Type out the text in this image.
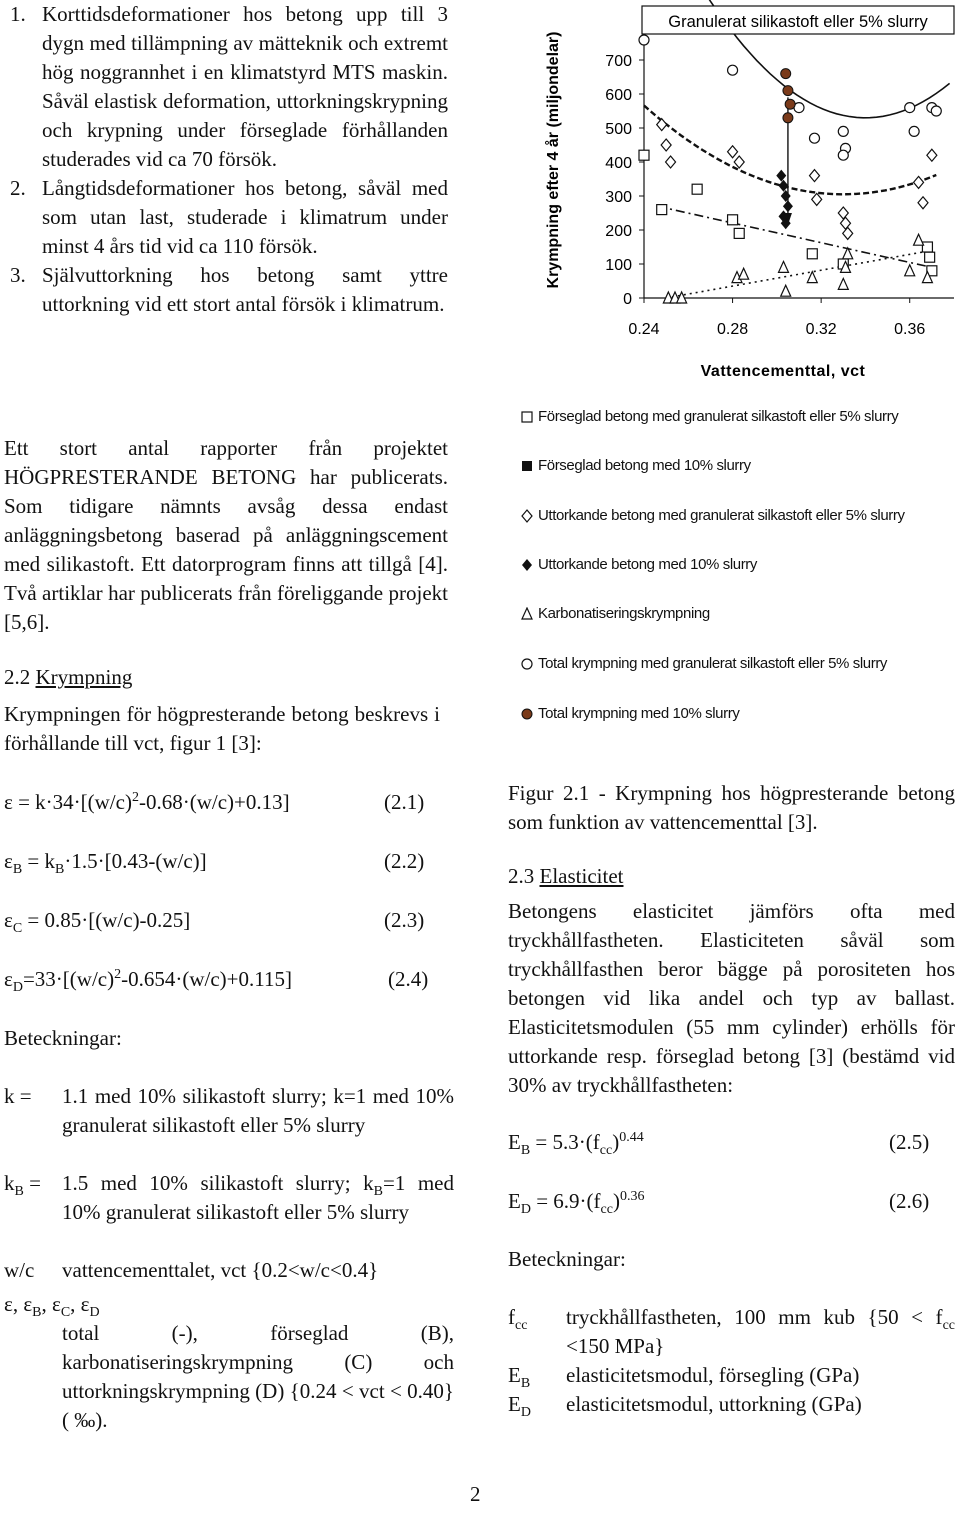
1. Korttidsdeformationer hos betong upp till 3 dygn med tillämpning av mätteknik och extremt hög noggrannhet i en klimatstyrd MTS maskin. Såväl elastisk deformation, uttorkningskrypning och krypning under förseglade förhållanden studerades vid ca 70 försök.
2. Långtidsdeformationer hos betong, såväl med som utan last, studerade i klimatrum under minst 4 års tid vid ca 110 försök.
3. Självuttorkning hos betong samt yttre uttorkning vid ett stort antal försök i klimatrum.

Ett stort antal rapporter från projektet HÖGPRESTERANDE BETONG har publicerats. Som tidigare nämnts avsåg dessa endast anläggningsbetong baserad på anläggningscement med silikastoft. Ett datorprogram finns att tillgå [4]. Två artiklar har publicerats från föreliggande projekt [5,6].

2.2 Krympning

Krympningen för högpresterande betong beskrevs i förhållande till vct, figur 1 [3]:

$\varepsilon = k\cdot 34\cdot[(w/c)^2-0.68\cdot(w/c)+0.13]$	(2.1)
$\varepsilon_B = k_B\cdot 1.5\cdot[0.43-(w/c)]$	(2.2)
$\varepsilon_C = 0.85\cdot[(w/c)-0.25]$	(2.3)
$\varepsilon_D=33\cdot[(w/c)^2-0.654\cdot(w/c)+0.115]$	(2.4)
Beteckningar:
k = 1.1 med 10% silikastoft slurry; k=1 med 10% granulerat silikastoft eller 5% slurry
$k_B = 1.5$ med 10% silikastoft slurry; $k_B=1$ med 10% granulerat silikastoft eller 5% slurry
w/c vattencementtalet, vct {0.2<w/c<0.4}
ε, $\varepsilon_B$, $\varepsilon_C$, $\varepsilon_D$
total (-), förseglad (B), karbonatiseringskrympning (C) och uttorkningskrympning (D) {0.24 < vct < 0.40} ( ‰).
0
100
200
300
400
500
600
700
0.24	0.28	0.32	0.36
Granulerat silikastoft eller 5% slurry
Krympning efter 4 år (miljondelar)
Vattencementtal, vct
Förseglad betong med granulerat silkastoft eller 5% slurry
Förseglad betong med 10% slurry
Uttorkande betong med granulerat silkastoft eller 5% slurry
Uttorkande betong med 10% slurry
Karbonatiseringskrympning
Total krympning med granulerat silkastoft eller 5% slurry
Total krympning med 10% slurry

Figur 2.1 - Krympning hos högpresterande betong som funktion av vattencementtal [3].

2.3 Elasticitet

Betongens elasticitet jämförs ofta med tryckhållfastheten. Elasticiteten såväl som tryckhållfasthen beror bägge på porositeten hos betongen vid lika andel och typ av ballast. Elasticitetsmodulen (55 mm cylinder) erhölls för uttorkande resp. förseglad betong [3] (bestämd vid 30% av tryckhållfastheten:

$E_B = 5.3\cdot(f_{cc})^{0.44}$	(2.5)
$E_D = 6.9\cdot(f_{cc})^{0.36}$	(2.6)
Beteckningar:
$f_{cc}$ tryckhållfastheten, 100 mm kub {$50 < f_{cc} <150$ MPa}
$E_B$ elasticitetsmodul, försegling (GPa)
$E_D$ elasticitetsmodul, uttorkning (GPa)
2
